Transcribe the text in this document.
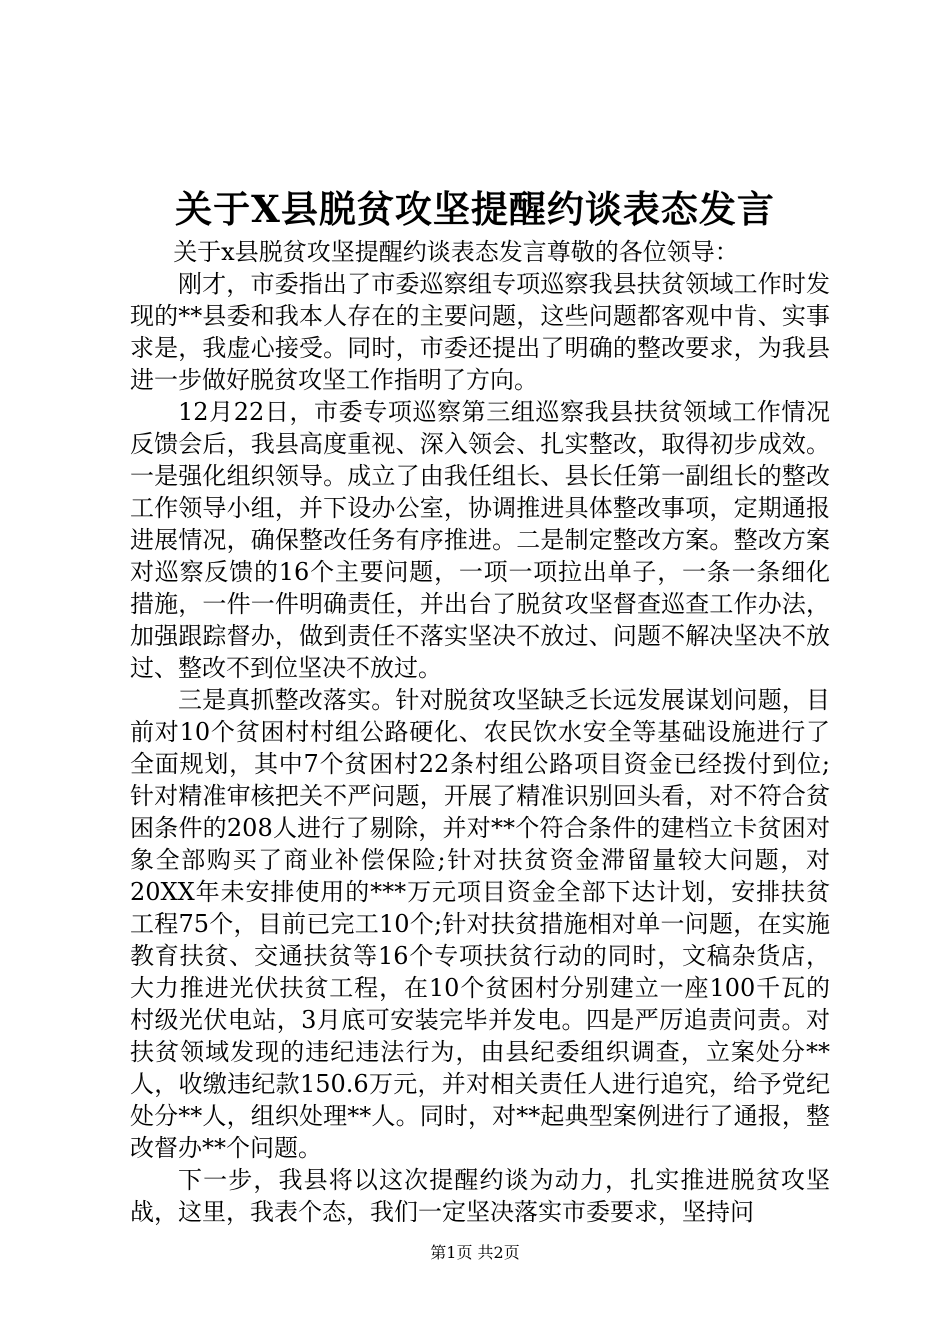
关于X县脱贫攻坚提醒约谈表态发言

关于x县脱贫攻坚提醒约谈表态发言尊敬的各位领导：

刚才，市委指出了市委巡察组专项巡察我县扶贫领域工作时发现的**县委和我本人存在的主要问题，这些问题都客观中肯、实事求是，我虚心接受。同时，市委还提出了明确的整改要求，为我县进一步做好脱贫攻坚工作指明了方向。

12月22日，市委专项巡察第三组巡察我县扶贫领域工作情况反馈会后，我县高度重视、深入领会、扎实整改，取得初步成效。一是强化组织领导。成立了由我任组长、县长任第一副组长的整改工作领导小组，并下设办公室，协调推进具体整改事项，定期通报进展情况，确保整改任务有序推进。二是制定整改方案。整改方案对巡察反馈的16个主要问题，一项一项拉出单子，一条一条细化措施，一件一件明确责任，并出台了脱贫攻坚督查巡查工作办法，加强跟踪督办，做到责任不落实坚决不放过、问题不解决坚决不放过、整改不到位坚决不放过。

三是真抓整改落实。针对脱贫攻坚缺乏长远发展谋划问题，目前对10个贫困村村组公路硬化、农民饮水安全等基础设施进行了全面规划，其中7个贫困村22条村组公路项目资金已经拨付到位;针对精准审核把关不严问题，开展了精准识别回头看，对不符合贫困条件的208人进行了剔除，并对**个符合条件的建档立卡贫困对象全部购买了商业补偿保险;针对扶贫资金滞留量较大问题，对20XX年未安排使用的***万元项目资金全部下达计划，安排扶贫工程75个，目前已完工10个;针对扶贫措施相对单一问题，在实施教育扶贫、交通扶贫等16个专项扶贫行动的同时，文稿杂货店，大力推进光伏扶贫工程，在10个贫困村分别建立一座100千瓦的村级光伏电站，3月底可安装完毕并发电。四是严厉追责问责。对扶贫领域发现的违纪违法行为，由县纪委组织调查，立案处分**人，收缴违纪款150.6万元，并对相关责任人进行追究，给予党纪处分**人，组织处理**人。同时，对**起典型案例进行了通报，整改督办**个问题。

下一步，我县将以这次提醒约谈为动力，扎实推进脱贫攻坚战，这里，我表个态，我们一定坚决落实市委要求，坚持问

第1页 共2页
